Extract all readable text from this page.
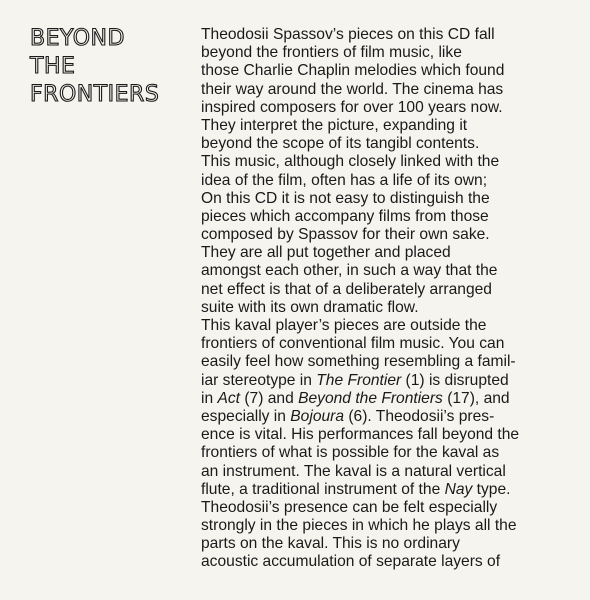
BEYOND
THE
FRONTIERS
Theodosii Spassov’s pieces on this CD fall
beyond the frontiers of film music, like
those Charlie Chaplin melodies which found
their way around the world. The cinema has
inspired composers for over 100 years now.
They interpret the picture, expanding it
beyond the scope of its tangibl contents.
This music, although closely linked with the
idea of the film, often has a life of its own;
On this CD it is not easy to distinguish the
pieces which accompany films from those
composed by Spassov for their own sake.
They are all put together and placed
amongst each other, in such a way that the
net effect is that of a deliberately arranged
suite with its own dramatic flow.
This kaval player’s pieces are outside the
frontiers of conventional film music. You can
easily feel how something resembling a famil-
iar stereotype in The Frontier (1) is disrupted
in Act (7) and Beyond the Frontiers (17), and
especially in Bojoura (6). Theodosii’s pres-
ence is vital. His performances fall beyond the
frontiers of what is possible for the kaval as
an instrument. The kaval is a natural vertical
flute, a traditional instrument of the Nay type.
Theodosii’s presence can be felt especially
strongly in the pieces in which he plays all the
parts on the kaval. This is no ordinary
acoustic accumulation of separate layers of
